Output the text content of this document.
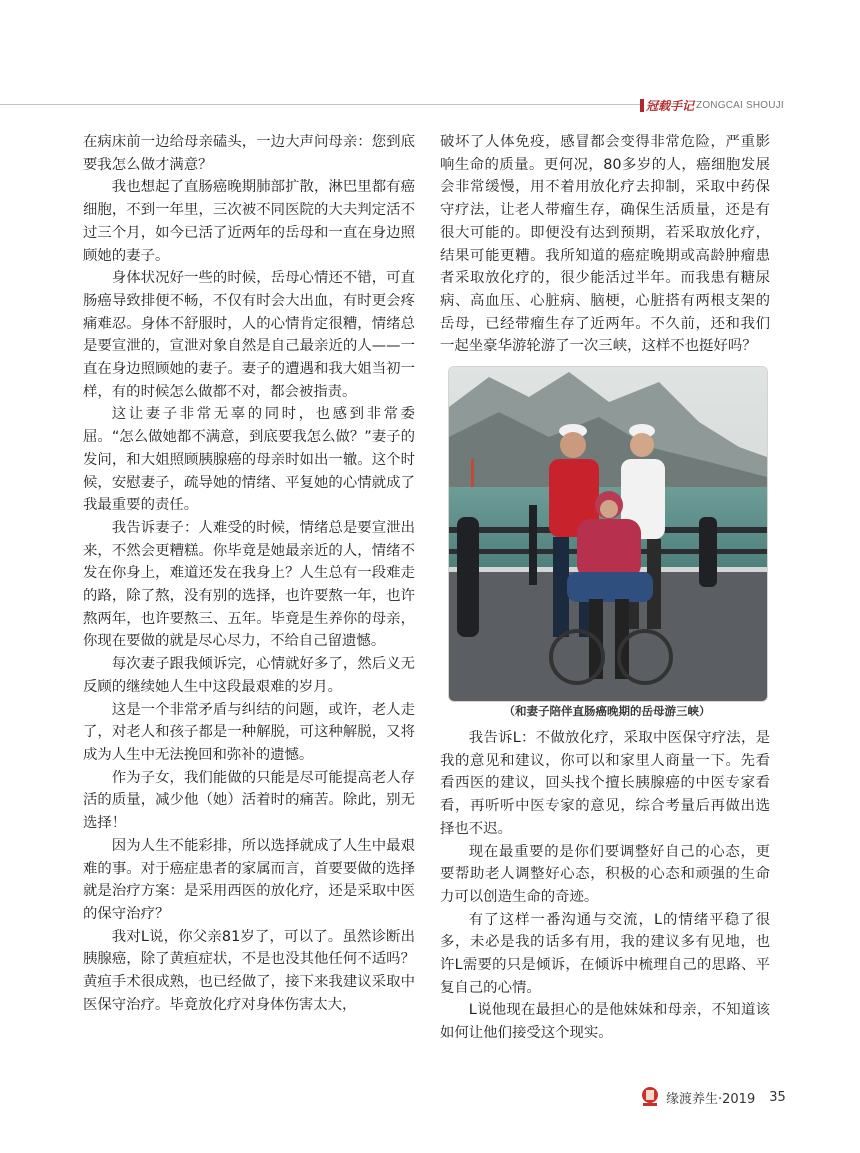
冠载手记 ZONGCAI SHOUJI

在病床前一边给母亲磕头，一边大声问母亲：您到底要我怎么做才满意？

我也想起了直肠癌晚期肺部扩散，淋巴里都有癌细胞，不到一年里，三次被不同医院的大夫判定活不过三个月，如今已活了近两年的岳母和一直在身边照顾她的妻子。

身体状况好一些的时候，岳母心情还不错，可直肠癌导致排便不畅，不仅有时会大出血，有时更会疼痛难忍。身体不舒服时，人的心情肯定很糟，情绪总是要宣泄的，宣泄对象自然是自己最亲近的人——一直在身边照顾她的妻子。妻子的遭遇和我大姐当初一样，有的时候怎么做都不对，都会被指责。

这让妻子非常无辜的同时，也感到非常委屈。“怎么做她都不满意，到底要我怎么做？”妻子的发问，和大姐照顾胰腺癌的母亲时如出一辙。这个时候，安慰妻子，疏导她的情绪、平复她的心情就成了我最重要的责任。

我告诉妻子：人难受的时候，情绪总是要宣泄出来，不然会更糟糕。你毕竟是她最亲近的人，情绪不发在你身上，难道还发在我身上？人生总有一段难走的路，除了熬，没有别的选择，也许要熬一年，也许熬两年，也许要熬三、五年。毕竟是生养你的母亲，你现在要做的就是尽心尽力，不给自己留遗憾。

每次妻子跟我倾诉完，心情就好多了，然后义无反顾的继续她人生中这段最艰难的岁月。

这是一个非常矛盾与纠结的问题，或许，老人走了，对老人和孩子都是一种解脱，可这种解脱，又将成为人生中无法挽回和弥补的遗憾。

作为子女，我们能做的只能是尽可能提高老人存活的质量，减少他（她）活着时的痛苦。除此，别无选择！

因为人生不能彩排，所以选择就成了人生中最艰难的事。对于癌症患者的家属而言，首要要做的选择就是治疗方案：是采用西医的放化疗，还是采取中医的保守治疗？

我对L说，你父亲81岁了，可以了。虽然诊断出胰腺癌，除了黄疸症状，不是也没其他任何不适吗？黄疸手术很成熟，也已经做了，接下来我建议采取中医保守治疗。毕竟放化疗对身体伤害太大，

破坏了人体免疫，感冒都会变得非常危险，严重影响生命的质量。更何况，80多岁的人，癌细胞发展会非常缓慢，用不着用放化疗去抑制，采取中药保守疗法，让老人带瘤生存，确保生活质量，还是有很大可能的。即便没有达到预期，若采取放化疗，结果可能更糟。我所知道的癌症晚期或高龄肿瘤患者采取放化疗的，很少能活过半年。而我患有糖尿病、高血压、心脏病、脑梗，心脏搭有两根支架的岳母，已经带瘤生存了近两年。不久前，还和我们一起坐豪华游轮游了一次三峡，这样不也挺好吗？

（和妻子陪伴直肠癌晚期的岳母游三峡）

我告诉L：不做放化疗，采取中医保守疗法，是我的意见和建议，你可以和家里人商量一下。先看看西医的建议，回头找个擅长胰腺癌的中医专家看看，再听听中医专家的意见，综合考量后再做出选择也不迟。

现在最重要的是你们要调整好自己的心态，更要帮助老人调整好心态，积极的心态和顽强的生命力可以创造生命的奇迹。

有了这样一番沟通与交流，L的情绪平稳了很多，未必是我的话多有用，我的建议多有见地，也许L需要的只是倾诉，在倾诉中梳理自己的思路、平复自己的心情。

L说他现在最担心的是他妹妹和母亲，不知道该如何让他们接受这个现实。

缘渡养生·2019 35
